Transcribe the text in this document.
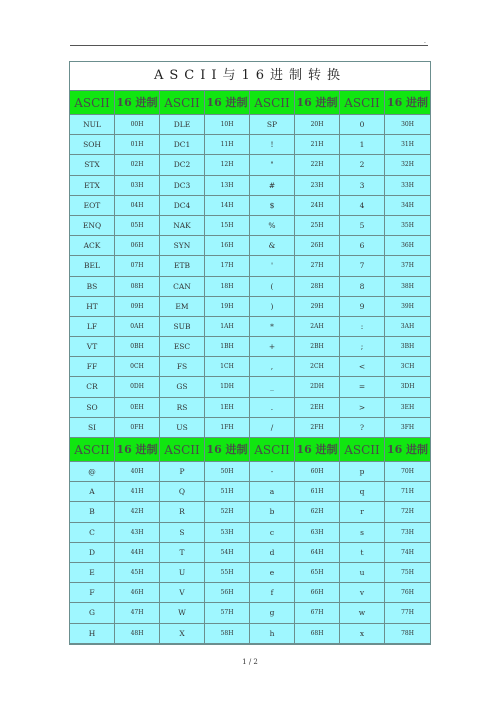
.
ASCII与16进制转换
ASCII 16 进制 ASCII 16 进制 ASCII 16 进制 ASCII 16 进制
NUL	00H	DLE	10H	SP	20H	0	30H
SOH	01H	DC1	11H	!	21H	1	31H
STX	02H	DC2	12H	"	22H	2	32H
ETX	03H	DC3	13H	#	23H	3	33H
EOT	04H	DC4	14H	$	24H	4	34H
ENQ	05H	NAK	15H	%	25H	5	35H
ACK	06H	SYN	16H	&	26H	6	36H
BEL	07H	ETB	17H	'	27H	7	37H
BS	08H	CAN	18H	(	28H	8	38H
HT	09H	EM	19H	)	29H	9	39H
LF	0AH	SUB	1AH	*	2AH	:	3AH
VT	0BH	ESC	1BH	+	2BH	;	3BH
FF	0CH	FS	1CH	,	2CH	<	3CH
CR	0DH	GS	1DH	_	2DH	=	3DH
SO	0EH	RS	1EH	.	2EH	>	3EH
SI	0FH	US	1FH	/	2FH	?	3FH
ASCII 16 进制 ASCII 16 进制 ASCII 16 进制 ASCII 16 进制
@	40H	P	50H	-	60H	p	70H
A	41H	Q	51H	a	61H	q	71H
B	42H	R	52H	b	62H	r	72H
C	43H	S	53H	c	63H	s	73H
D	44H	T	54H	d	64H	t	74H
E	45H	U	55H	e	65H	u	75H
F	46H	V	56H	f	66H	v	76H
G	47H	W	57H	g	67H	w	77H
H	48H	X	58H	h	68H	x	78H
1 / 2
